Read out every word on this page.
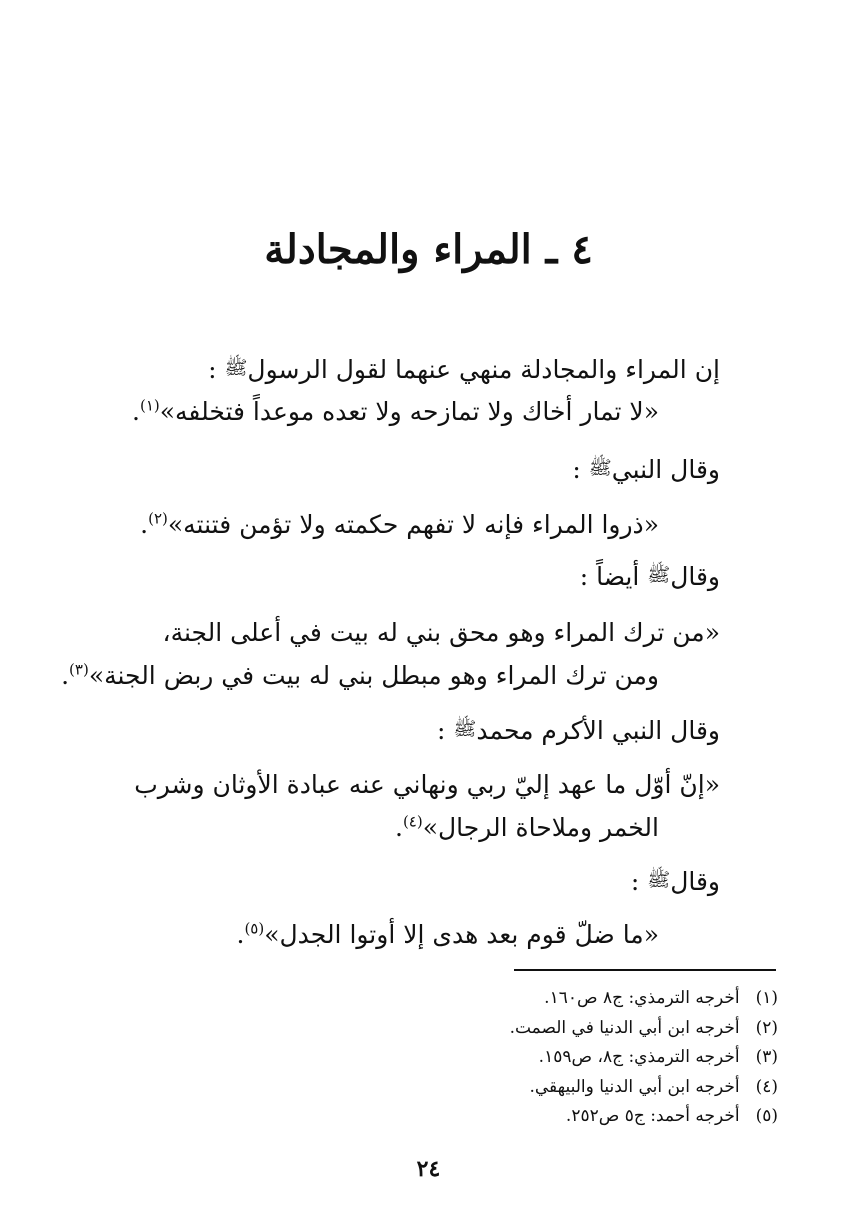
٤ ـ المراء والمجادلة
إن المراء والمجادلة منهي عنهما لقول الرسولﷺ :
«لا تمار أخاك ولا تمازحه ولا تعده موعداً فتخلفه»$^{(١)}$.
وقال النبيﷺ :
«ذروا المراء فإنه لا تفهم حكمته ولا تؤمن فتنته»$^{(٢)}$.
وقالﷺ أيضاً :
«من ترك المراء وهو محق بني له بيت في أعلى الجنة،
ومن ترك المراء وهو مبطل بني له بيت في ربض الجنة»$^{(٣)}$.
وقال النبي الأكرم محمدﷺ :
«إنّ أوّل ما عهد إليّ ربي ونهاني عنه عبادة الأوثان وشرب
الخمر وملاحاة الرجال»$^{(٤)}$.
وقالﷺ :
«ما ضلّ قوم بعد هدى إلا أوتوا الجدل»$^{(٥)}$.
(١)أخرجه الترمذي: ج٨ ص١٦٠.
(٢)أخرجه ابن أبي الدنيا في الصمت.
(٣)أخرجه الترمذي: ج٨، ص١٥٩.
(٤)أخرجه ابن أبي الدنيا والبيهقي.
(٥)أخرجه أحمد: ج٥ ص٢٥٢.
٢٤
